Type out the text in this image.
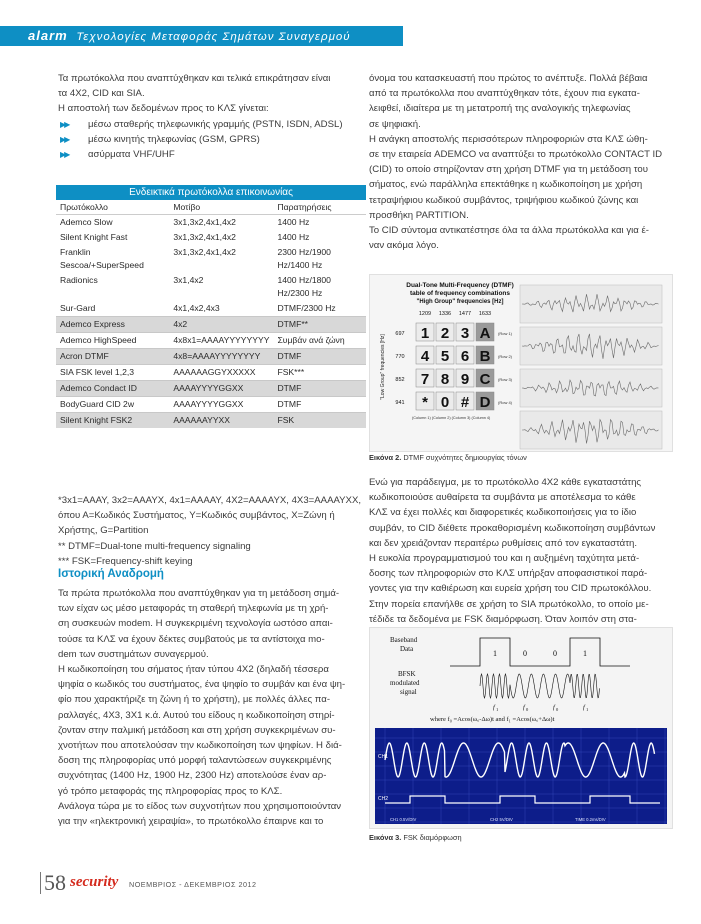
alarm Τεχνολογίες Μεταφοράς Σημάτων Συναγερμού

Τα πρωτόκολλα που αναπτύχθηκαν και τελικά επικράτησαν είναι

τα 4Χ2, CID και SIA.

Η αποστολή των δεδομένων προς το ΚΛΣ γίνεται:

▶▶ μέσω σταθερής τηλεφωνικής γραμμής (PSTN, ISDN, ADSL)
▶▶ μέσω κινητής τηλεφωνίας (GSM, GPRS)
▶▶ ασύρματα VHF/UHF
Ενδεικτικά πρωτόκολλα επικοινωνίας
Πρωτόκολλο	Μοτίβο	Παρατηρήσεις
Ademco Slow	3x1,3x2,4x1,4x2	1400 Hz
Silent Knight Fast	3x1,3x2,4x1,4x2	1400 Hz
Franklin Sescoa/+SuperSpeed	3x1,3x2,4x1,4x2	2300 Hz/1900 Hz/1400 Hz
Radionics	3x1,4x2	1400 Hz/1800 Hz/2300 Hz
Sur-Gard	4x1,4x2,4x3	DTMF/2300 Hz
Ademco Express	4x2	DTMF**
Ademco HighSpeed	4x8x1=AAAAYYYYYYYY	Συμβάν ανά ζώνη
Acron DTMF	4x8=AAAAYYYYYYYY	DTMF
SIA FSK level 1,2,3	AAAAAAGGYXXXXX	FSK***
Ademco Condact ID	AAAAYYYYGGXX	DTMF
BodyGuard CID 2w	AAAAYYYYGGXX	DTMF
Silent Knight FSK2	AAAAAAYYXX	FSK

*3x1=AAAY, 3x2=AAAYX, 4x1=AAAAY, 4X2=AAAAYX, 4X3=AAAAYXX,

όπου Α=Κωδικός Συστήματος, Y=Κωδικός συμβάντος, X=Ζώνη ή

Χρήστης, G=Partition

** DTMF=Dual-tone multi-frequency signaling

*** FSK=Frequency-shift keying

Ιστορική Αναδρομή

Τα πρώτα πρωτόκολλα που αναπτύχθηκαν για τη μετάδοση σημά-

των είχαν ως μέσο μεταφοράς τη σταθερή τηλεφωνία με τη χρή-

ση συσκευών modem. Η συγκεκριμένη τεχνολογία ωστόσο απαι-

τούσε τα ΚΛΣ να έχουν δέκτες συμβατούς με τα αντίστοιχα mo-

dem των συστημάτων συναγερμού.

Η κωδικοποίηση του σήματος ήταν τύπου 4Χ2 (δηλαδή τέσσερα

ψηφία ο κωδικός του συστήματος, ένα ψηφίο το συμβάν και ένα ψη-

φίο που χαρακτήριζε τη ζώνη ή το χρήστη), με πολλές άλλες πα-

ραλλαγές, 4Χ3, 3Χ1 κ.ά. Αυτού του είδους η κωδικοποίηση στηρί-

ζονταν στην παλμική μετάδοση και στη χρήση συγκεκριμένων συ-

χνοτήτων που αποτελούσαν την κωδικοποίηση των ψηφίων. Η διά-

δοση της πληροφορίας υπό μορφή ταλαντώσεων συγκεκριμένης

συχνότητας (1400 Hz, 1900 Hz, 2300 Hz) αποτελούσε έναν αρ-

γό τρόπο μεταφοράς της πληροφορίας προς το ΚΛΣ.

Ανάλογα τώρα με το είδος των συχνοτήτων που χρησιμοποιούνταν

για την «ηλεκτρονική χειραψία», το πρωτόκολλο έπαιρνε και το

όνομα του κατασκευαστή που πρώτος το ανέπτυξε. Πολλά βέβαια

από τα πρωτόκολλα που αναπτύχθηκαν τότε, έχουν πια εγκατα-

λειφθεί, ιδιαίτερα με τη μετατροπή της αναλογικής τηλεφωνίας

σε ψηφιακή.

Η ανάγκη αποστολής περισσότερων πληροφοριών στα ΚΛΣ ώθη-

σε την εταιρεία ADEMCO να αναπτύξει το πρωτόκολλο CONTACT ID

(CID) το οποίο στηρίζονταν στη χρήση DTMF για τη μετάδοση του

σήματος, ενώ παράλληλα επεκτάθηκε η κωδικοποίηση με χρήση

τετραψήφιου κωδικού συμβάντος, τριψήφιου κωδικού ζώνης και

προσθήκη PARTITION.

Το CID σύντομα αντικατέστησε όλα τα άλλα πρωτόκολλα και για έ-

ναν ακόμα λόγο.

Dual-Tone Multi-Frequency (DTMF)
table of frequency combinations
"High Group" frequencies [Hz]
1209 1336 1477 1633
697
770
852
941
1 2 3 A
4 5 6 B
7 8 9 C
* 0 # D
(Row 1)
(Row 2)
(Row 3)
(Row 4)
"Low Group" frequencies [Hz]
(Column 1) (Column 2) (Column 3) (Column 4)
Εικόνα 2. DTMF συχνότητες δημιουργίας τόνων

Ενώ για παράδειγμα, με το πρωτόκολλο 4Χ2 κάθε εγκαταστάτης

κωδικοποιούσε αυθαίρετα τα συμβάντα με αποτέλεσμα το κάθε

ΚΛΣ να έχει πολλές και διαφορετικές κωδικοποιήσεις για το ίδιο

συμβάν, το CID διέθετε προκαθορισμένη κωδικοποίηση συμβάντων

και δεν χρειάζονταν περαιτέρω ρυθμίσεις από τον εγκαταστάτη.

Η ευκολία προγραμματισμού του και η αυξημένη ταχύτητα μετά-

δοσης των πληροφοριών στο ΚΛΣ υπήρξαν αποφασιστικοί παρά-

γοντες για την καθιέρωση και ευρεία χρήση του CID πρωτοκόλλου.

Στην πορεία επανήλθε σε χρήση το SIA πρωτόκολλο, το οποίο με-

τέδιδε τα δεδομένα με FSK διαμόρφωση. Όταν λοιπόν στη στα-

Baseband
Data	1	0	0	1
BFSK
modulated
signal
f 1	f 0	f 0	f 1
where f₀ =Acos(ω꜀-Δω)t and f₁ =Acos(ω꜀+Δω)t
CH1
CH2
CH1 0.5V/DIV	CH2 5V/DIV	TIME 0.2ms/DIV
Εικόνα 3. FSK διαμόρφωση
58 security ΝΟΕΜΒΡΙΟΣ - ΔΕΚΕΜΒΡΙΟΣ 2012
